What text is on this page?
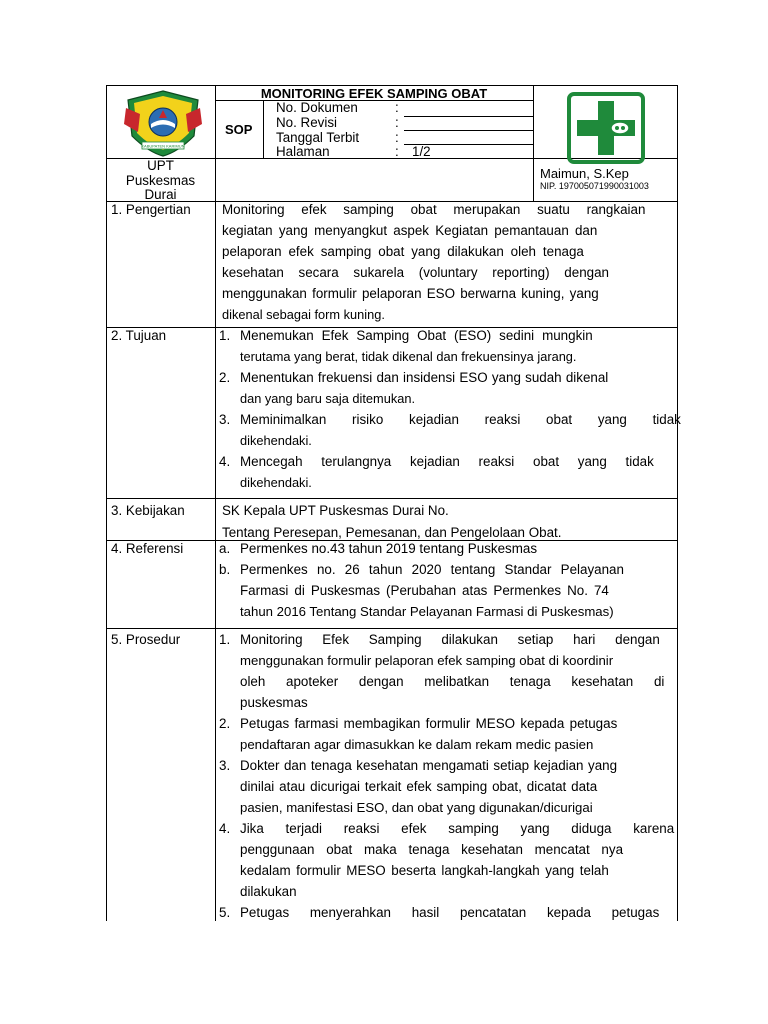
KABUPATEN KARIMUN
UPT
Puskesmas
Durai
MONITORING EFEK SAMPING OBAT
SOP
No. Dokumen	:
No. Revisi	:
Tanggal Terbit	:
Halaman	: 1/2
Maimun, S.Kep
NIP. 197005071990031003
1. Pengertian Monitoring efek samping obat merupakan suatu rangkaian
kegiatan yang menyangkut aspek Kegiatan pemantauan dan
pelaporan efek samping obat yang dilakukan oleh tenaga
kesehatan secara sukarela (voluntary reporting) dengan
menggunakan formulir pelaporan ESO berwarna kuning, yang
dikenal sebagai form kuning.
2. Tujuan	1. Menemukan Efek Samping Obat (ESO) sedini mungkin
terutama yang berat, tidak dikenal dan frekuensinya jarang.
2. Menentukan frekuensi dan insidensi ESO yang sudah dikenal
dan yang baru saja ditemukan.
3. Meminimalkan risiko kejadian reaksi obat yang tidak
dikehendaki.
4. Mencegah terulangnya kejadian reaksi obat yang tidak
dikehendaki.
3. Kebijakan	SK Kepala UPT Puskesmas Durai No.
Tentang Peresepan, Pemesanan, dan Pengelolaan Obat.
4. Referensi	a. Permenkes no.43 tahun 2019 tentang Puskesmas
b. Permenkes no. 26 tahun 2020 tentang Standar Pelayanan
Farmasi di Puskesmas (Perubahan atas Permenkes No. 74
tahun 2016 Tentang Standar Pelayanan Farmasi di Puskesmas)
5. Prosedur	1. Monitoring Efek Samping dilakukan setiap hari dengan
menggunakan formulir pelaporan efek samping obat di koordinir
oleh apoteker dengan melibatkan tenaga kesehatan di
puskesmas
2. Petugas farmasi membagikan formulir MESO kepada petugas
pendaftaran agar dimasukkan ke dalam rekam medic pasien
3. Dokter dan tenaga kesehatan mengamati setiap kejadian yang
dinilai atau dicurigai terkait efek samping obat, dicatat data
pasien, manifestasi ESO, dan obat yang digunakan/dicurigai
4. Jika terjadi reaksi efek samping yang diduga karena
penggunaan obat maka tenaga kesehatan mencatat nya
kedalam formulir MESO beserta langkah-langkah yang telah
dilakukan
5. Petugas menyerahkan hasil pencatatan kepada petugas
